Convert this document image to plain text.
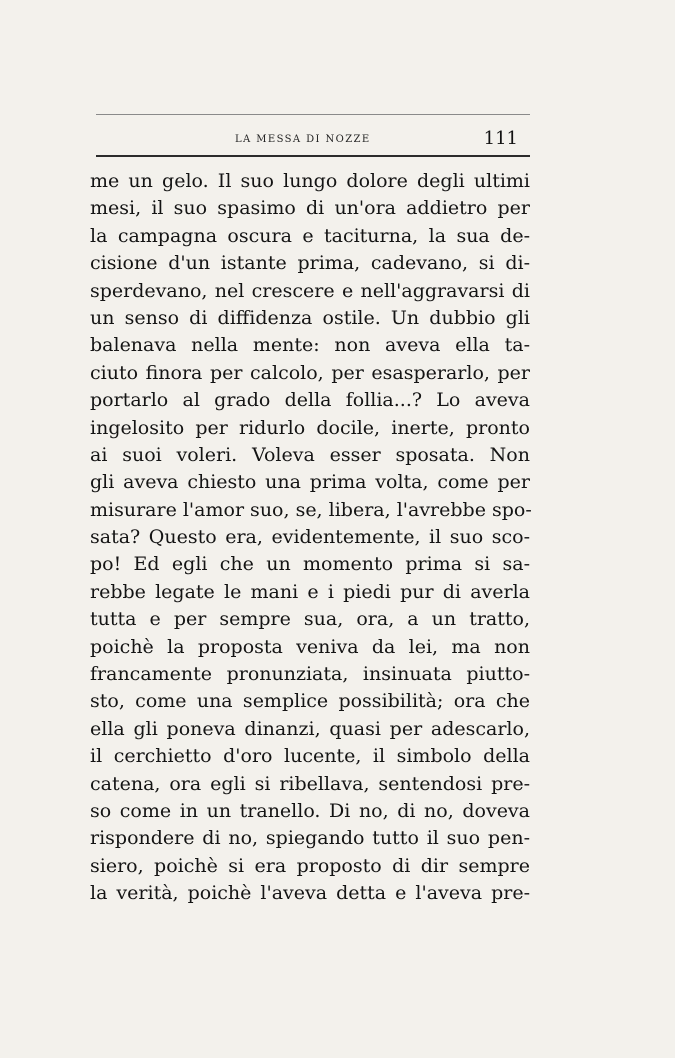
LA MESSA DI NOZZE	111
me un gelo. Il suo lungo dolore degli ultimi
mesi, il suo spasimo di un'ora addietro per
la campagna oscura e taciturna, la sua de-
cisione d'un istante prima, cadevano, si di-
sperdevano, nel crescere e nell'aggravarsi di
un senso di diffidenza ostile. Un dubbio gli
balenava nella mente: non aveva ella ta-
ciuto finora per calcolo, per esasperarlo, per
portarlo al grado della follia...? Lo aveva
ingelosito per ridurlo docile, inerte, pronto
ai suoi voleri. Voleva esser sposata. Non
gli aveva chiesto una prima volta, come per
misurare l'amor suo, se, libera, l'avrebbe spo-
sata? Questo era, evidentemente, il suo sco-
po! Ed egli che un momento prima si sa-
rebbe legate le mani e i piedi pur di averla
tutta e per sempre sua, ora, a un tratto,
poichè la proposta veniva da lei, ma non
francamente pronunziata, insinuata piutto-
sto, come una semplice possibilità; ora che
ella gli poneva dinanzi, quasi per adescarlo,
il cerchietto d'oro lucente, il simbolo della
catena, ora egli si ribellava, sentendosi pre-
so come in un tranello. Di no, di no, doveva
rispondere di no, spiegando tutto il suo pen-
siero, poichè si era proposto di dir sempre
la verità, poichè l'aveva detta e l'aveva pre-
